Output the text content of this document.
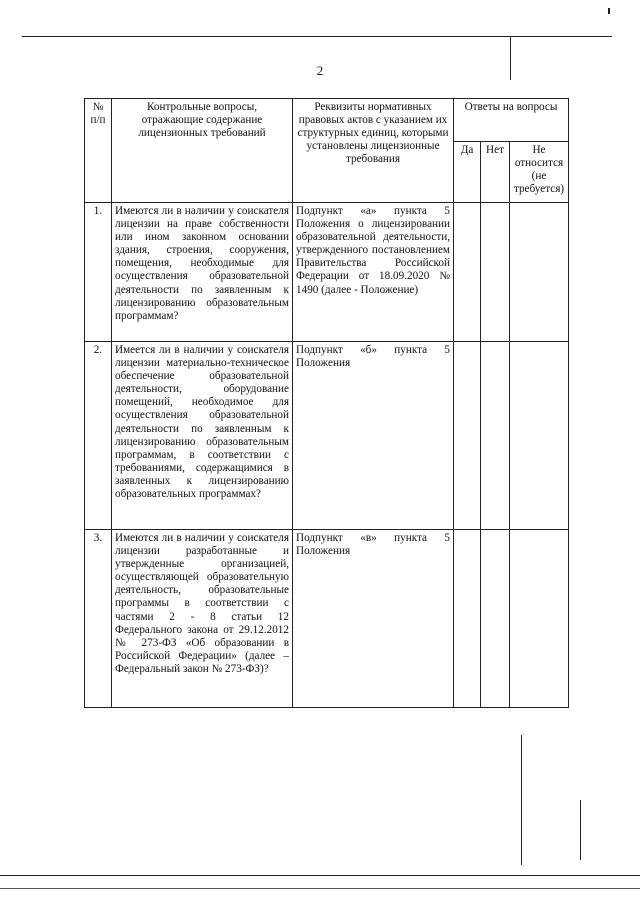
2
№ п/п	Контрольные вопросы, отражающие содержание лицензионных требований	Реквизиты нормативных правовых актов с указанием их структурных единиц, которыми установлены лицензионные требования	Ответы на вопросы		
			Да	Нет	Не относится (не требуется)
1.	Имеются ли в наличии у соискателя лицензии на праве собственности или ином законном основании здания, строения, сооружения, помещения, необходимые для осуществления образовательной деятельности по заявленным к лицензированию образовательным программам?	Подпункт «а» пункта 5 Положения о лицензировании образовательной деятельности, утвержденного постановлением Правительства Российской Федерации от 18.09.2020 № 1490 (далее - Положение)			
2.	Имеется ли в наличии у соискателя лицензии материально-техническое обеспечение образовательной деятельности, оборудование помещений, необходимое для осуществления образовательной деятельности по заявленным к лицензированию образовательным программам, в соответствии с требованиями, содержащимися в заявленных к лицензированию образовательных программах?	Подпункт «б» пункта 5 Положения			
3.	Имеются ли в наличии у соискателя лицензии разработанные и утвержденные организацией, осуществляющей образовательную деятельность, образовательные программы в соответствии с частями 2 - 8 статьи 12 Федерального закона от 29.12.2012 № 273-ФЗ «Об образовании в Российской Федерации» (далее – Федеральный закон № 273-ФЗ)?	Подпункт «в» пункта 5 Положения			
